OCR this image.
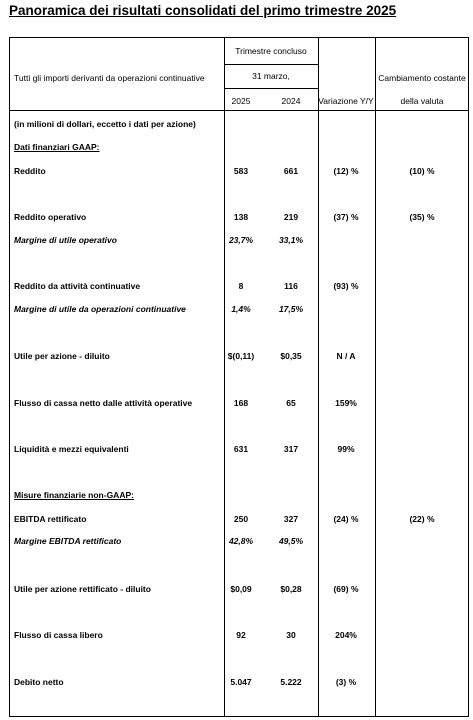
Panoramica dei risultati consolidati del primo trimestre 2025
Tutti gli importi derivanti da operazioni continuative
Trimestre concluso
31 marzo,
2025	2024 Variazione Y/Y
Cambiamento costante
della valuta
(in milioni di dollari, eccetto i dati per azione)
Dati finanziari GAAP:
Reddito	583	661	(12) %	(10) %
Reddito operativo	138	219	(37) %	(35) %
Margine di utile operativo	23,7%	33,1%
Reddito da attività continuative	8	116	(93) %
Margine di utile da operazioni continuative	1,4%	17,5%
Utile per azione - diluito	$(0,11)	$0,35	N / A
Flusso di cassa netto dalle attività operative	168	65	159%
Liquidità e mezzi equivalenti	631	317	99%
Misure finanziarie non-GAAP:
EBITDA rettificato	250	327	(24) %	(22) %
Margine EBITDA rettificato	42,8%	49,5%
Utile per azione rettificato - diluito	$0,09	$0,28	(69) %
Flusso di cassa libero	92	30	204%
Debito netto	5.047	5.222	(3) %
